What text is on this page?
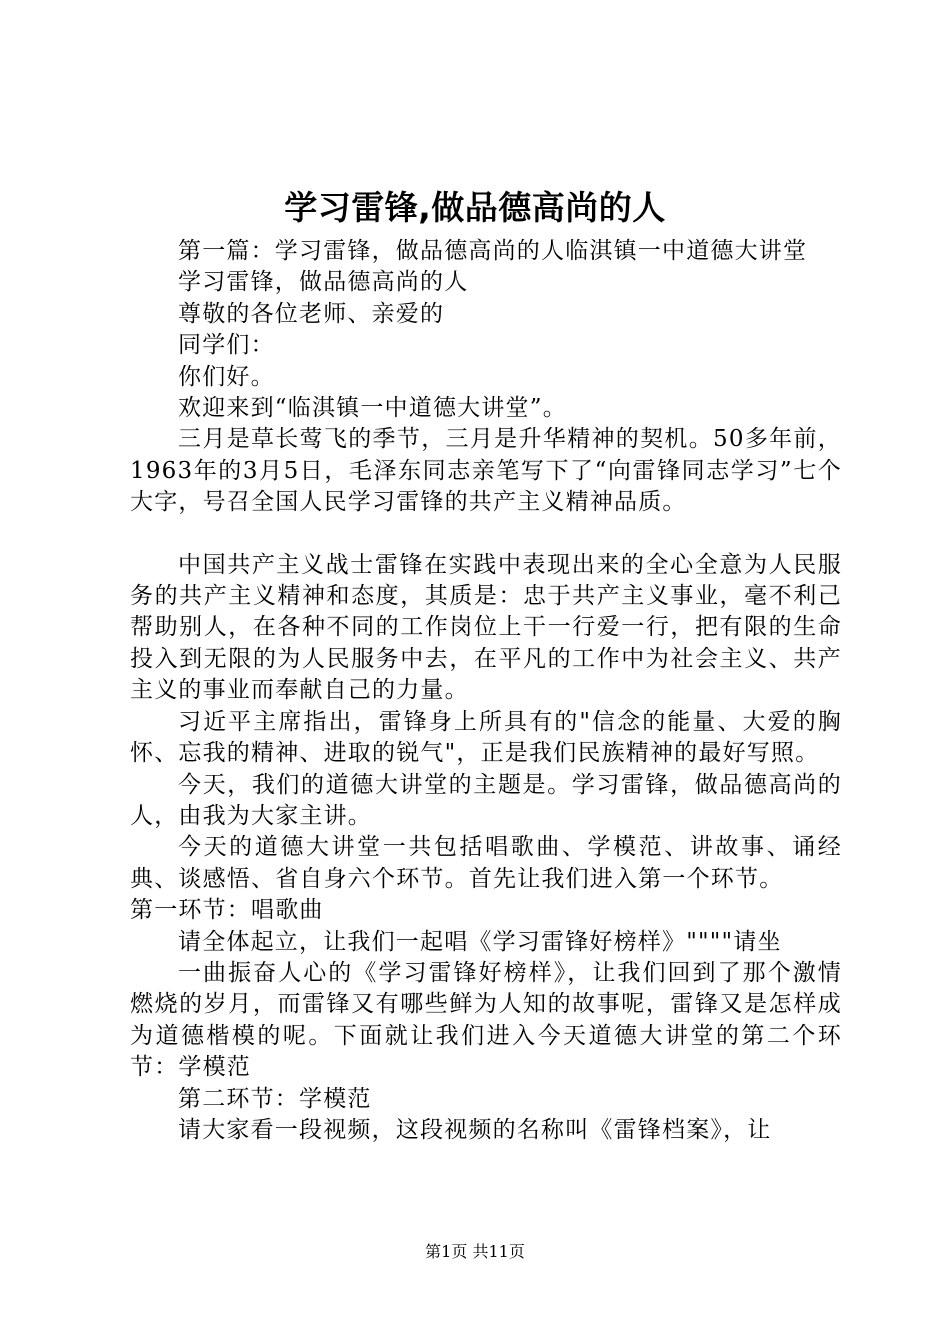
学习雷锋,做品德高尚的人

第一篇：学习雷锋，做品德高尚的人临淇镇一中道德大讲堂

学习雷锋，做品德高尚的人

尊敬的各位老师、亲爱的

同学们：

你们好。

欢迎来到“临淇镇一中道德大讲堂”。

三月是草长莺飞的季节，三月是升华精神的契机。50多年前，1963年的3月5日，毛泽东同志亲笔写下了“向雷锋同志学习”七个大字，号召全国人民学习雷锋的共产主义精神品质。

中国共产主义战士雷锋在实践中表现出来的全心全意为人民服务的共产主义精神和态度，其质是：忠于共产主义事业，毫不利己帮助别人，在各种不同的工作岗位上干一行爱一行，把有限的生命投入到无限的为人民服务中去，在平凡的工作中为社会主义、共产主义的事业而奉献自己的力量。

习近平主席指出，雷锋身上所具有的"信念的能量、大爱的胸怀、忘我的精神、进取的锐气"，正是我们民族精神的最好写照。

今天，我们的道德大讲堂的主题是。学习雷锋，做品德高尚的人，由我为大家主讲。

今天的道德大讲堂一共包括唱歌曲、学模范、讲故事、诵经典、谈感悟、省自身六个环节。首先让我们进入第一个环节。

第一环节：唱歌曲

请全体起立，让我们一起唱《学习雷锋好榜样》""""请坐

一曲振奋人心的《学习雷锋好榜样》，让我们回到了那个激情燃烧的岁月，而雷锋又有哪些鲜为人知的故事呢，雷锋又是怎样成为道德楷模的呢。下面就让我们进入今天道德大讲堂的第二个环节：学模范

第二环节：学模范

请大家看一段视频，这段视频的名称叫《雷锋档案》，让

第1页 共11页
